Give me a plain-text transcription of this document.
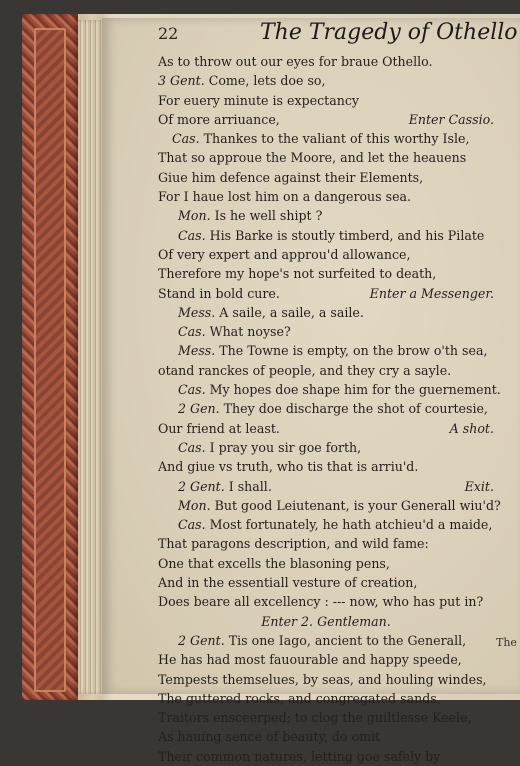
22	The Tragedy of Othello
As to throw out our eyes for braue Othello.
3 Gent. Come, lets doe so,
For euery minute is expectancy
Of more arriuance,	Enter Cassio.
Cas. Thankes to the valiant of this worthy Isle,
That so approue the Moore, and let the heauens
Giue him defence against their Elements,
For I haue lost him on a dangerous sea.
Mon. Is he well shipt ?
Cas. His Barke is stoutly timberd, and his Pilate
Of very expert and approu'd allowance,
Therefore my hope's not surfeited to death,
Stand in bold cure.	Enter a Messenger.
Mess. A saile, a saile, a saile.
Cas. What noyse?
Mess. The Towne is empty, on the brow o'th sea,
otand ranckes of people, and they cry a sayle.
Cas. My hopes doe shape him for the guernement.
2 Gen. They doe discharge the shot of courtesie,
Our friend at least.	A shot.
Cas. I pray you sir goe forth,
And giue vs truth, who tis that is arriu'd.
2 Gent. I shall.	Exit.
Mon. But good Leiutenant, is your Generall wiu'd?
Cas. Most fortunately, he hath atchieu'd a maide,
That paragons description, and wild fame:
One that excells the blasoning pens,
And in the essentiall vesture of creation,
Does beare all excellency : --- now, who has put in?
Enter 2. Gentleman.
2 Gent. Tis one Iago, ancient to the Generall,
He has had most fauourable and happy speede,
Tempests themselues, by seas, and houling windes,
The guttered rocks, and congregated sands,
Traitors ensceerped; to clog the guiltlesse Keele,
As hauing sence of beauty, do omit
Their common natures, letting goe safely by
The
